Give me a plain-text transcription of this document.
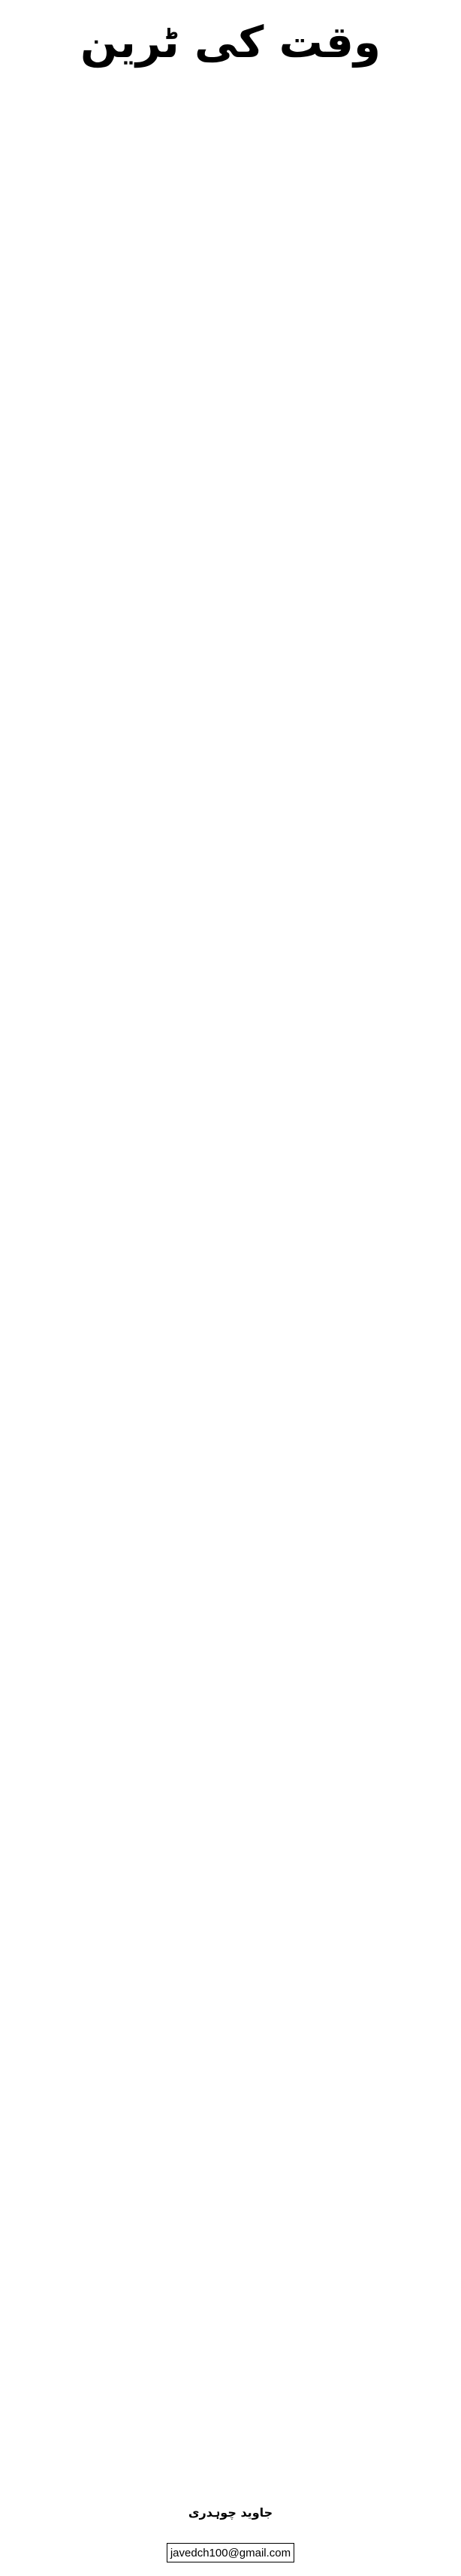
وقت کی ٹرین
جاوید چوہدری
javedch100@gmail.com
